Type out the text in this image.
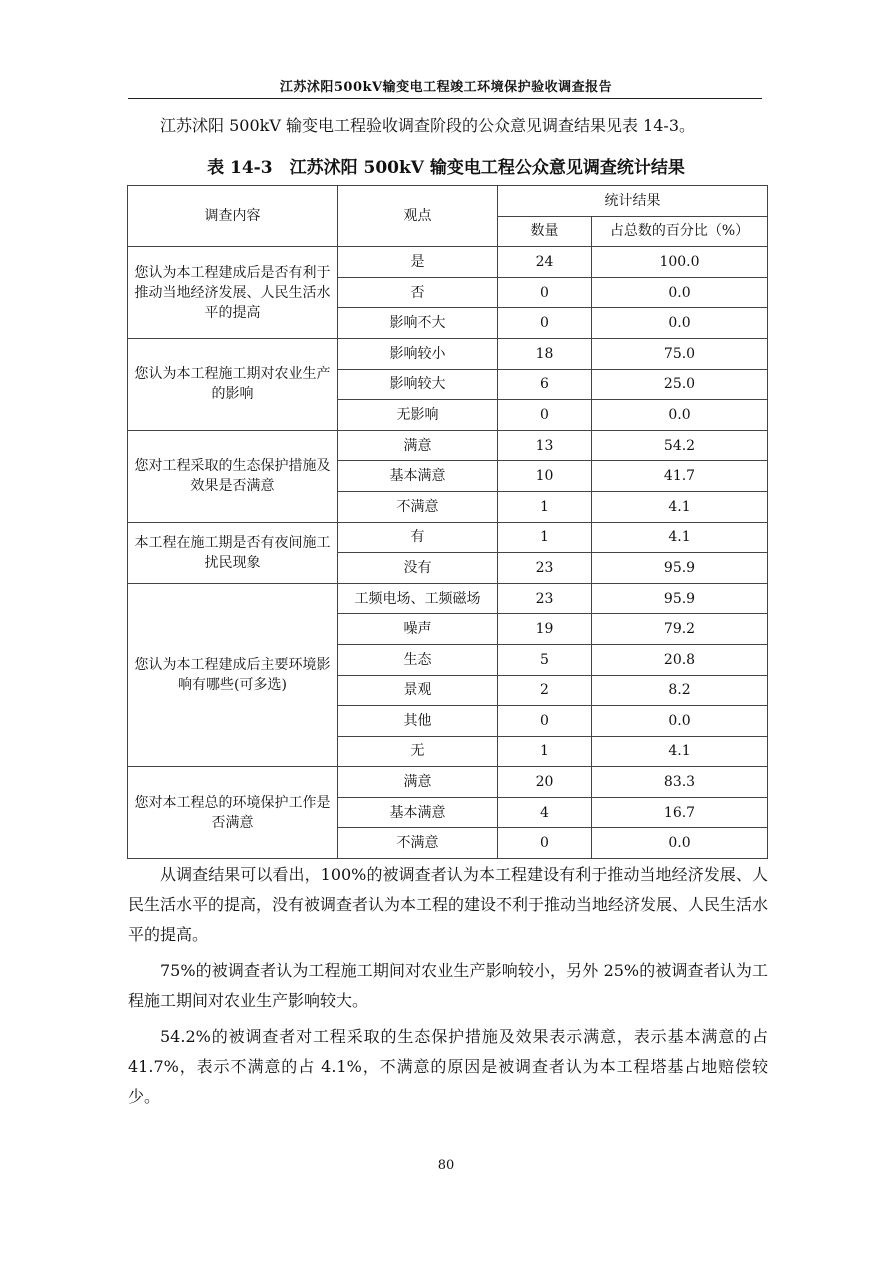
江苏沭阳500kV输变电工程竣工环境保护验收调查报告

江苏沭阳 500kV 输变电工程验收调查阶段的公众意见调查结果见表 14-3。

表 14-3　江苏沭阳 500kV 输变电工程公众意见调查统计结果
调查内容	观点	统计结果	
		数量	占总数的百分比（%）
您认为本工程建成后是否有利于推动当地经济发展、人民生活水平的提高	是	24	100.0
	否	0	0.0
	影响不大	0	0.0
您认为本工程施工期对农业生产的影响	影响较小	18	75.0
	影响较大	6	25.0
	无影响	0	0.0
您对工程采取的生态保护措施及效果是否满意	满意	13	54.2
	基本满意	10	41.7
	不满意	1	4.1
本工程在施工期是否有夜间施工扰民现象	有	1	4.1
	没有	23	95.9
您认为本工程建成后主要环境影响有哪些(可多选)	工频电场、工频磁场	23	95.9
	噪声	19	79.2
	生态	5	20.8
	景观	2	8.2
	其他	0	0.0
	无	1	4.1
您对本工程总的环境保护工作是否满意	满意	20	83.3
	基本满意	4	16.7
	不满意	0	0.0

从调查结果可以看出，100%的被调查者认为本工程建设有利于推动当地经济发展、人民生活水平的提高，没有被调查者认为本工程的建设不利于推动当地经济发展、人民生活水平的提高。

75%的被调查者认为工程施工期间对农业生产影响较小，另外 25%的被调查者认为工程施工期间对农业生产影响较大。

54.2%的被调查者对工程采取的生态保护措施及效果表示满意，表示基本满意的占 41.7%，表示不满意的占 4.1%，不满意的原因是被调查者认为本工程塔基占地赔偿较少。

80
